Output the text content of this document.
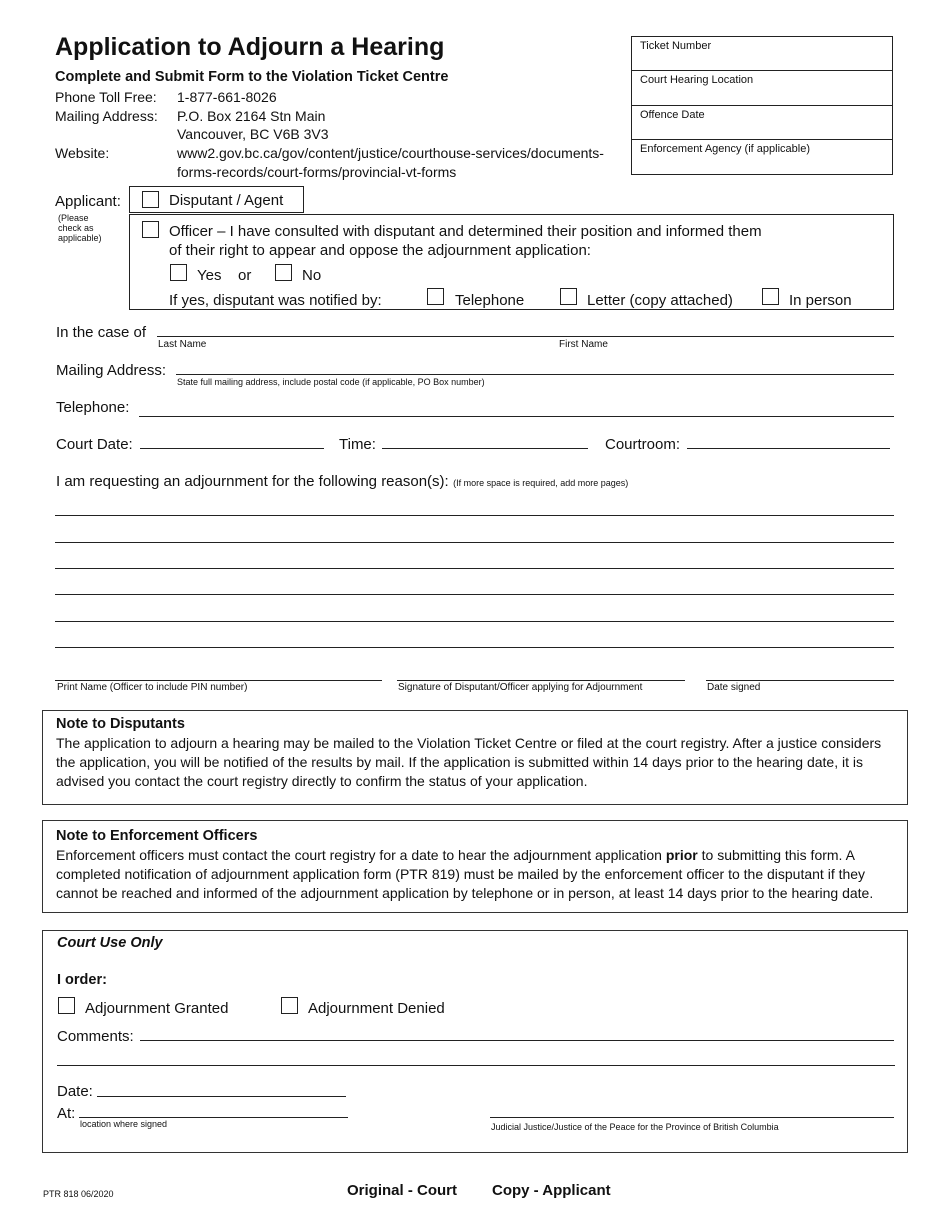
Application to Adjourn a Hearing
Complete and Submit Form to the Violation Ticket Centre
Phone Toll Free: 1-877-661-8026
Mailing Address: P.O. Box 2164 Stn Main
Vancouver, BC V6B 3V3
Website:	www2.gov.bc.ca/gov/content/justice/courthouse-services/documents-
forms-records/court-forms/provincial-vt-forms
Ticket Number
Court Hearing Location
Offence Date
Enforcement Agency (if applicable)
Applicant:
(Please
check as
applicable)
Disputant / Agent
Officer – I have consulted with disputant and determined their position and informed them
of their right to appear and oppose the adjournment application:
Yes or	No
If yes, disputant was notified by:	Telephone	Letter (copy attached)	In person
In the case of
Last Name	First Name
Mailing Address:
State full mailing address, include postal code (if applicable, PO Box number)
Telephone:
Court Date:	Time:	Courtroom:
I am requesting an adjournment for the following reason(s): (If more space is required, add more pages)
Print Name (Officer to include PIN number)	Signature of Disputant/Officer applying for Adjournment	Date signed
Note to Disputants

The application to adjourn a hearing may be mailed to the Violation Ticket Centre or filed at the court registry. After a justice considers the application, you will be notified of the results by mail. If the application is submitted within 14 days prior to the hearing date, it is advised you contact the court registry directly to confirm the status of your application.

Note to Enforcement Officers

Enforcement officers must contact the court registry for a date to hear the adjournment application prior to submitting this form. A completed notification of adjournment application form (PTR 819) must be mailed by the enforcement officer to the disputant if they cannot be reached and informed of the adjournment application by telephone or in person, at least 14 days prior to the hearing date.

Court Use Only
I order:
Adjournment Granted	Adjournment Denied
Comments:
Date:
At:
location where signed	Judicial Justice/Justice of the Peace for the Province of British Columbia
PTR 818 06/2020	Original - Court Copy - Applicant
